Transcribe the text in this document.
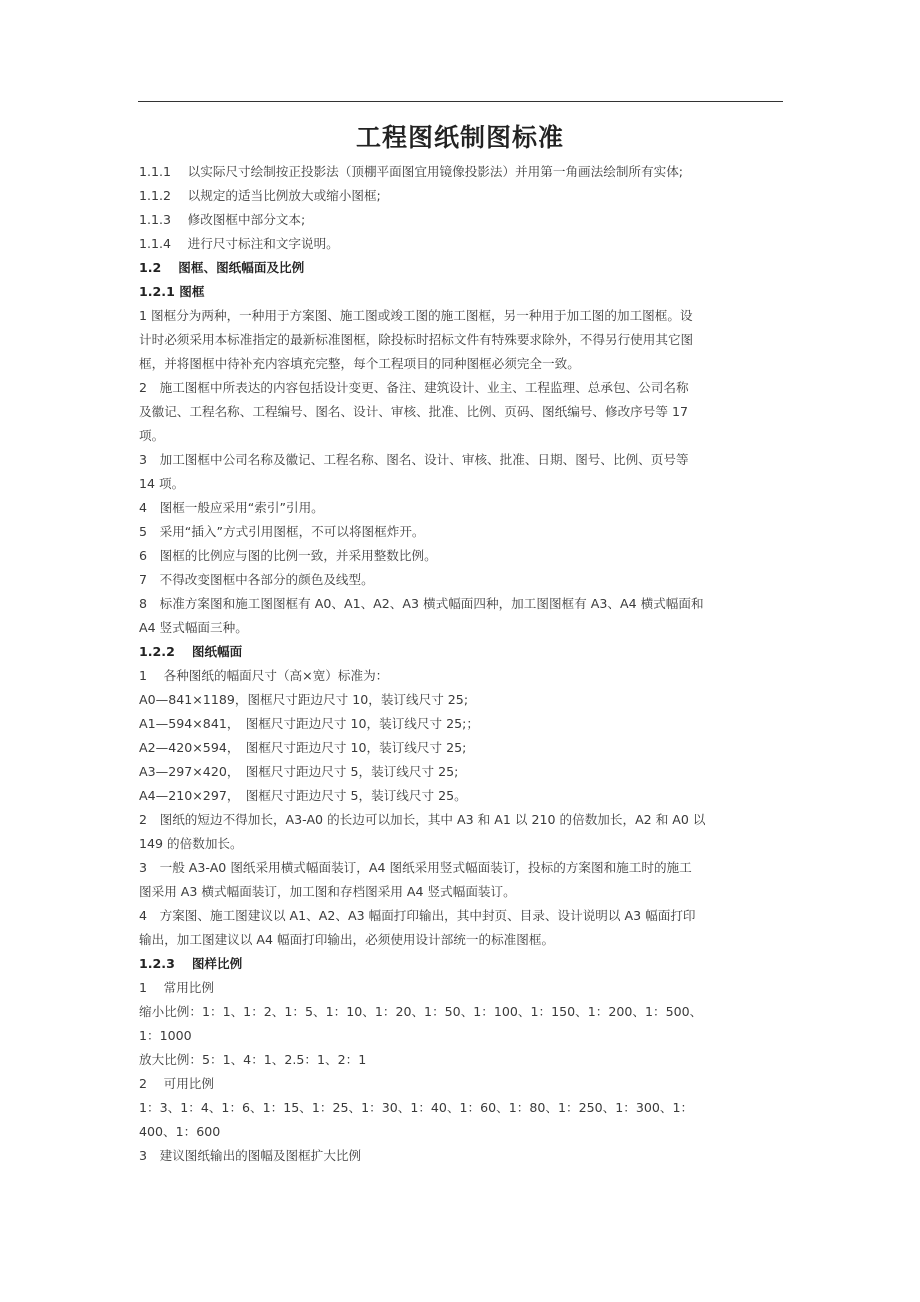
工程图纸制图标准
1.1.1　 以实际尺寸绘制按正投影法（顶棚平面图宜用镜像投影法）并用第一角画法绘制所有实体;
1.1.2　 以规定的适当比例放大或缩小图框;
1.1.3　 修改图框中部分文本;
1.1.4　 进行尺寸标注和文字说明。
1.2　 图框、图纸幅面及比例
1.2.1 图框
1 图框分为两种，一种用于方案图、施工图或竣工图的施工图框，另一种用于加工图的加工图框。设
计时必须采用本标准指定的最新标准图框，除投标时招标文件有特殊要求除外，不得另行使用其它图
框，并将图框中待补充内容填充完整，每个工程项目的同种图框必须完全一致。
2　施工图框中所表达的内容包括设计变更、备注、建筑设计、业主、工程监理、总承包、公司名称
及徽记、工程名称、工程编号、图名、设计、审核、批准、比例、页码、图纸编号、修改序号等 17
项。
3　加工图框中公司名称及徽记、工程名称、图名、设计、审核、批准、日期、图号、比例、页号等
14 项。
4　图框一般应采用“索引”引用。
5　采用“插入”方式引用图框，不可以将图框炸开。
6　图框的比例应与图的比例一致，并采用整数比例。
7　不得改变图框中各部分的颜色及线型。
8　标准方案图和施工图图框有 A0、A1、A2、A3 横式幅面四种，加工图图框有 A3、A4 横式幅面和
A4 竖式幅面三种。
1.2.2　 图纸幅面
1　 各种图纸的幅面尺寸（高×宽）标准为：
A0—841×1189，图框尺寸距边尺寸 10，装订线尺寸 25;
A1—594×841，　图框尺寸距边尺寸 10，装订线尺寸 25;；
A2—420×594，　图框尺寸距边尺寸 10，装订线尺寸 25;
A3—297×420，　图框尺寸距边尺寸 5，装订线尺寸 25;
A4—210×297，　图框尺寸距边尺寸 5，装订线尺寸 25。
2　图纸的短边不得加长，A3-A0 的长边可以加长，其中 A3 和 A1 以 210 的倍数加长，A2 和 A0 以
149 的倍数加长。
3　一般 A3-A0 图纸采用横式幅面装订，A4 图纸采用竖式幅面装订，投标的方案图和施工时的施工
图采用 A3 横式幅面装订，加工图和存档图采用 A4 竖式幅面装订。
4　方案图、施工图建议以 A1、A2、A3 幅面打印输出，其中封页、目录、设计说明以 A3 幅面打印
输出，加工图建议以 A4 幅面打印输出，必须使用设计部统一的标准图框。
1.2.3　 图样比例
1　 常用比例
缩小比例：1：1、1：2、1：5、1：10、1：20、1：50、1：100、1：150、1：200、1：500、
1：1000
放大比例：5：1、4：1、2.5：1、2：1
2　 可用比例
1：3、1：4、1：6、1：15、1：25、1：30、1：40、1：60、1：80、1：250、1：300、1：
400、1：600
3　建议图纸输出的图幅及图框扩大比例
